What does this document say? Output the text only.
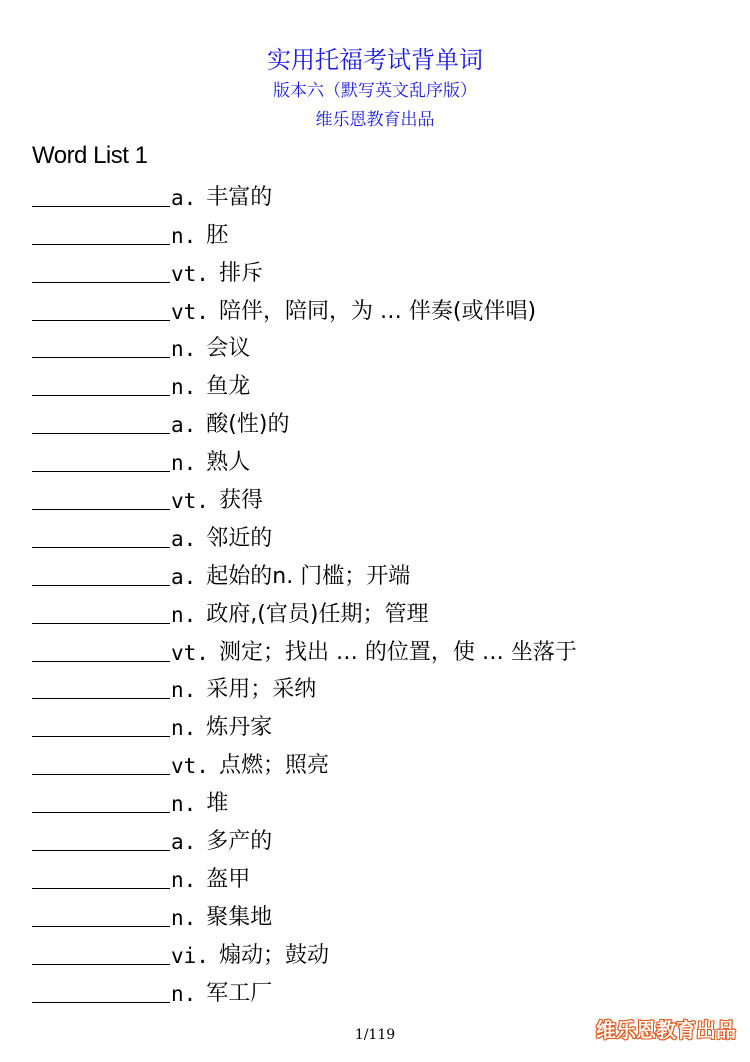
实用托福考试背单词
版本六（默写英文乱序版）
维乐恩教育出品
Word List 1
a. 丰富的
n. 胚
vt. 排斥
vt. 陪伴，陪同，为 … 伴奏(或伴唱)
n. 会议
n. 鱼龙
a. 酸(性)的
n. 熟人
vt. 获得
a. 邻近的
a. 起始的n. 门槛；开端
n. 政府,(官员)任期；管理
vt. 测定；找出 … 的位置，使 … 坐落于
n. 采用；采纳
n. 炼丹家
vt. 点燃；照亮
n. 堆
a. 多产的
n. 盔甲
n. 聚集地
vi. 煽动；鼓动
n. 军工厂
1/119	维乐恩教育出品
